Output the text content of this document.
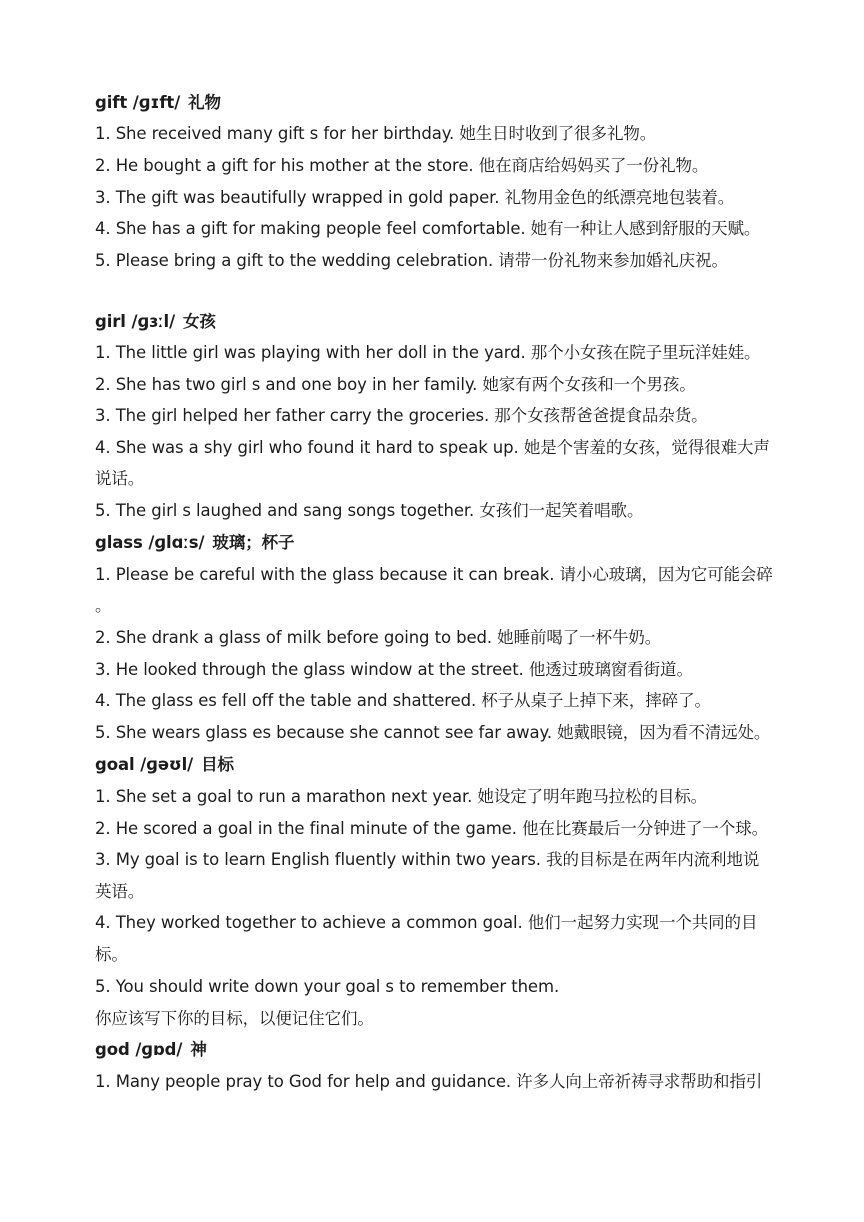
gift /ɡɪft/ 礼物
1. She received many gift s for her birthday. 她生日时收到了很多礼物。
2. He bought a gift for his mother at the store. 他在商店给妈妈买了一份礼物。
3. The gift was beautifully wrapped in gold paper. 礼物用金色的纸漂亮地包装着。
4. She has a gift for making people feel comfortable. 她有一种让人感到舒服的天赋。
5. Please bring a gift to the wedding celebration. 请带一份礼物来参加婚礼庆祝。
girl /ɡɜːl/ 女孩
1. The little girl was playing with her doll in the yard. 那个小女孩在院子里玩洋娃娃。
2. She has two girl s and one boy in her family. 她家有两个女孩和一个男孩。
3. The girl helped her father carry the groceries. 那个女孩帮爸爸提食品杂货。
4. She was a shy girl who found it hard to speak up. 她是个害羞的女孩，觉得很难大声
说话。
5. The girl s laughed and sang songs together. 女孩们一起笑着唱歌。
glass /ɡlɑːs/ 玻璃；杯子
1. Please be careful with the glass because it can break. 请小心玻璃，因为它可能会碎
。
2. She drank a glass of milk before going to bed. 她睡前喝了一杯牛奶。
3. He looked through the glass window at the street. 他透过玻璃窗看街道。
4. The glass es fell off the table and shattered. 杯子从桌子上掉下来，摔碎了。
5. She wears glass es because she cannot see far away. 她戴眼镜，因为看不清远处。
goal /ɡəʊl/ 目标
1. She set a goal to run a marathon next year. 她设定了明年跑马拉松的目标。
2. He scored a goal in the final minute of the game. 他在比赛最后一分钟进了一个球。
3. My goal is to learn English fluently within two years. 我的目标是在两年内流利地说
英语。
4. They worked together to achieve a common goal. 他们一起努力实现一个共同的目
标。
5. You should write down your goal s to remember them.
你应该写下你的目标，以便记住它们。
god /ɡɒd/ 神
1. Many people pray to God for help and guidance. 许多人向上帝祈祷寻求帮助和指引
